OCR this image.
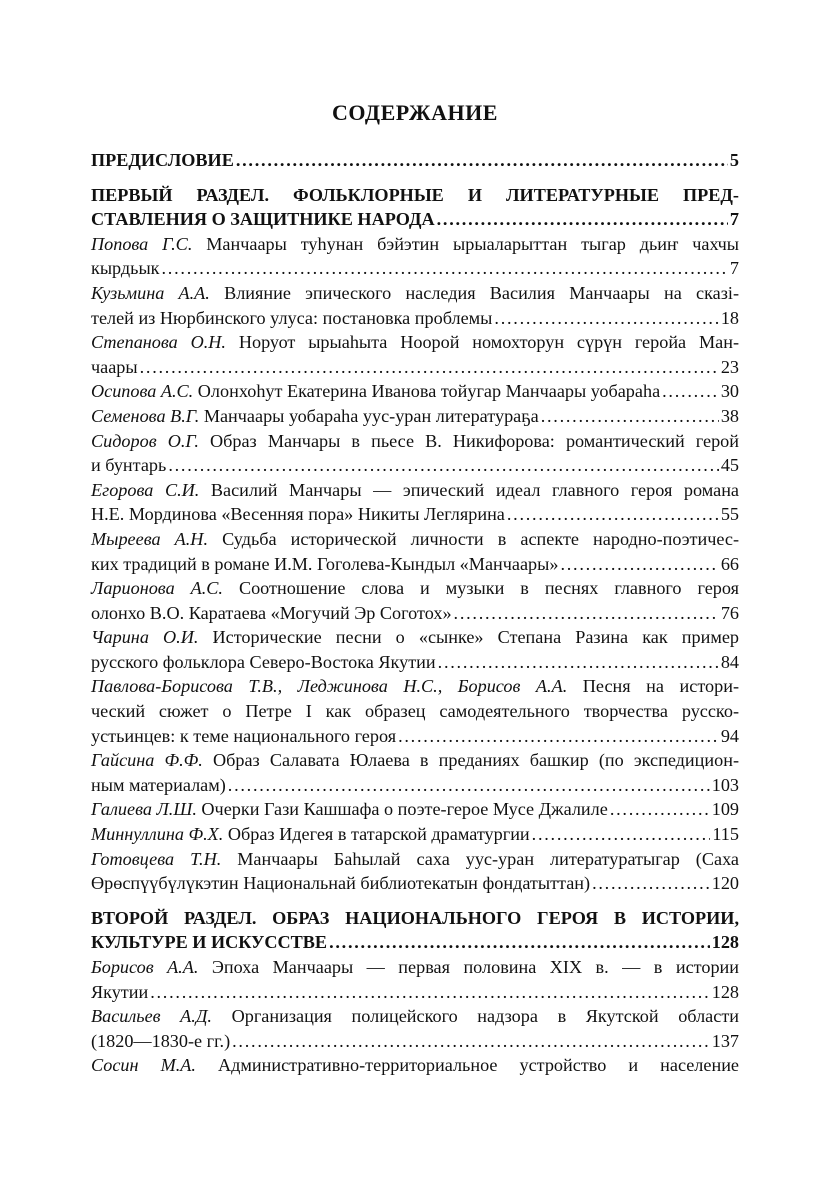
СОДЕРЖАНИЕ
ПРЕДИСЛОВИЕ . . .	5
ПЕРВЫЙ РАЗДЕЛ. ФОЛЬКЛОРНЫЕ И ЛИТЕРАТУРНЫЕ ПРЕД-
СТАВЛЕНИЯ О ЗАЩИТНИКЕ НАРОДА . . .	7
Попова Г.С. Манчаары туһунан бэйэтин ырыаларыттан тыгар дьиҥ чахчы
кырдьык . . .	7
Кузьмина А.А. Влияние эпического наследия Василия Манчаары на сказі-
телей из Нюрбинского улуса: постановка проблемы . . .	18
Степанова О.Н. Норуот ырыаһыта Ноорой номохторун сүрүн геройа Ман-
чаары . . .	23
Осипова А.С. Олонхоһут Екатерина Иванова тойугар Манчаары уобараһа . . .	30
Семенова В.Г. Манчаары уобараһа уус-уран литератураҕа . . .	38
Сидоров О.Г. Образ Манчары в пьесе В. Никифорова: романтический герой
и бунтарь . . .	45
Егорова С.И. Василий Манчары — эпический идеал главного героя романа
Н.Е. Мординова «Весенняя пора» Никиты Леглярина . . .	55
Мыреева А.Н. Судьба исторической личности в аспекте народно-поэтичес-
ких традиций в романе И.М. Гоголева-Кындыл «Манчаары» . . .	66
Ларионова А.С. Соотношение слова и музыки в песнях главного героя
олонхо В.О. Каратаева «Могучий Эр Соготох» . . .	76
Чарина О.И. Исторические песни о «сынке» Степана Разина как пример
русского фольклора Северо-Востока Якутии . . .	84
Павлова-Борисова Т.В., Леджинова Н.С., Борисов А.А. Песня на истори-
ческий сюжет о Петре I как образец самодеятельного творчества русско-
устьинцев: к теме национального героя . . .	94
Гайсина Ф.Ф. Образ Салавата Юлаева в преданиях башкир (по экспедицион-
ным материалам) . . .	103
Галиева Л.Ш. Очерки Гази Кашшафа о поэте-герое Мусе Джалиле . . .	109
Миннуллина Ф.Х. Образ Идегея в татарской драматургии . . .	115
Готовцева Т.Н. Манчаары Баһылай саха уус-уран литературатыгар (Саха
Өрөспүүбүлүкэтин Национальнай библиотекатын фондатыттан) . . .	120
ВТОРОЙ РАЗДЕЛ. ОБРАЗ НАЦИОНАЛЬНОГО ГЕРОЯ В ИСТОРИИ,
КУЛЬТУРЕ И ИСКУССТВЕ . . .	128
Борисов А.А. Эпоха Манчаары — первая половина XIX в. — в истории
Якутии . . .	128
Васильев А.Д. Организация полицейского надзора в Якутской области
(1820—1830-е гг.) . . .	137
Сосин М.А. Административно-территориальное устройство и население
